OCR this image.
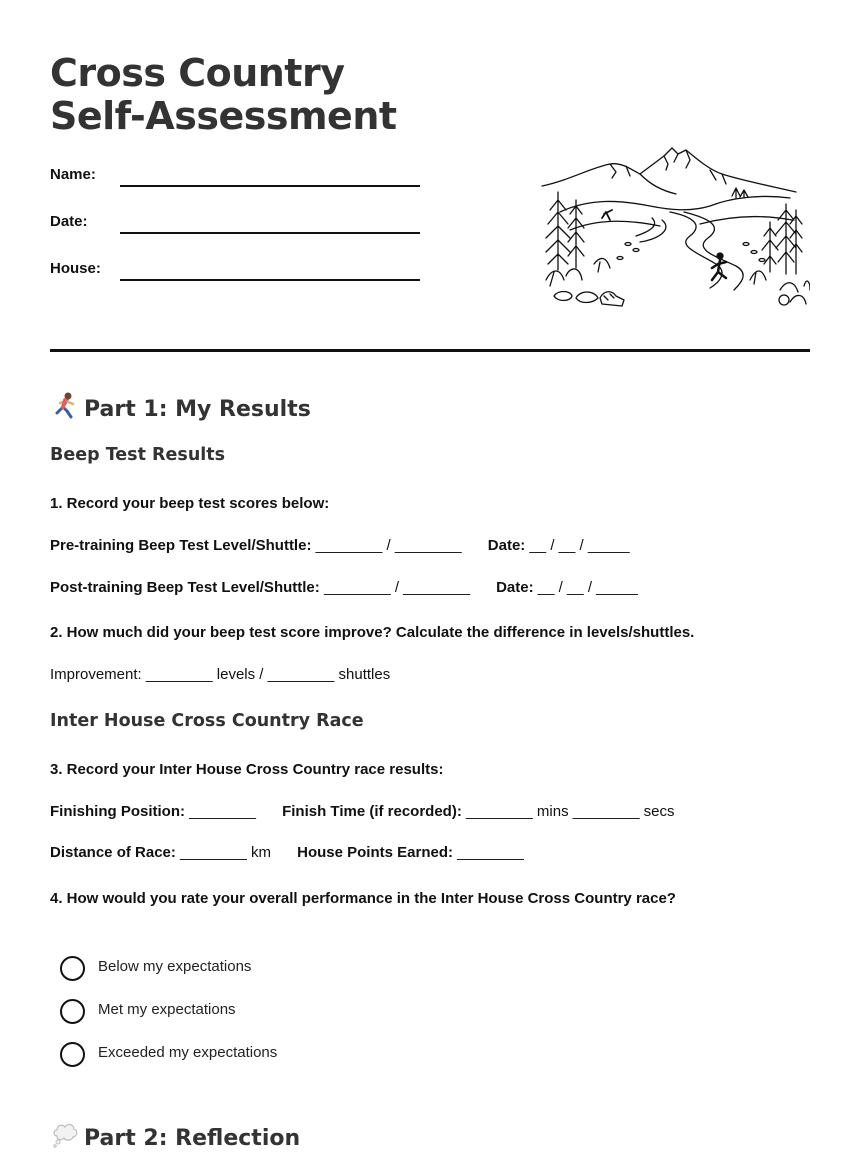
Cross Country Self-Assessment
Name:
Date:
House:
Part 1: My Results
Beep Test Results
1. Record your beep test scores below:
Pre-training Beep Test Level/Shuttle: ________ / ________ Date: __ / __ / _____
Post-training Beep Test Level/Shuttle: ________ / ________ Date: __ / __ / _____
2. How much did your beep test score improve? Calculate the difference in levels/shuttles.
Improvement: ________ levels / ________ shuttles
Inter House Cross Country Race
3. Record your Inter House Cross Country race results:
Finishing Position: ________ Finish Time (if recorded): ________ mins ________ secs
Distance of Race: ________ km House Points Earned: ________
4. How would you rate your overall performance in the Inter House Cross Country race?
Below my expectations
Met my expectations
Exceeded my expectations
Part 2: Reflection
